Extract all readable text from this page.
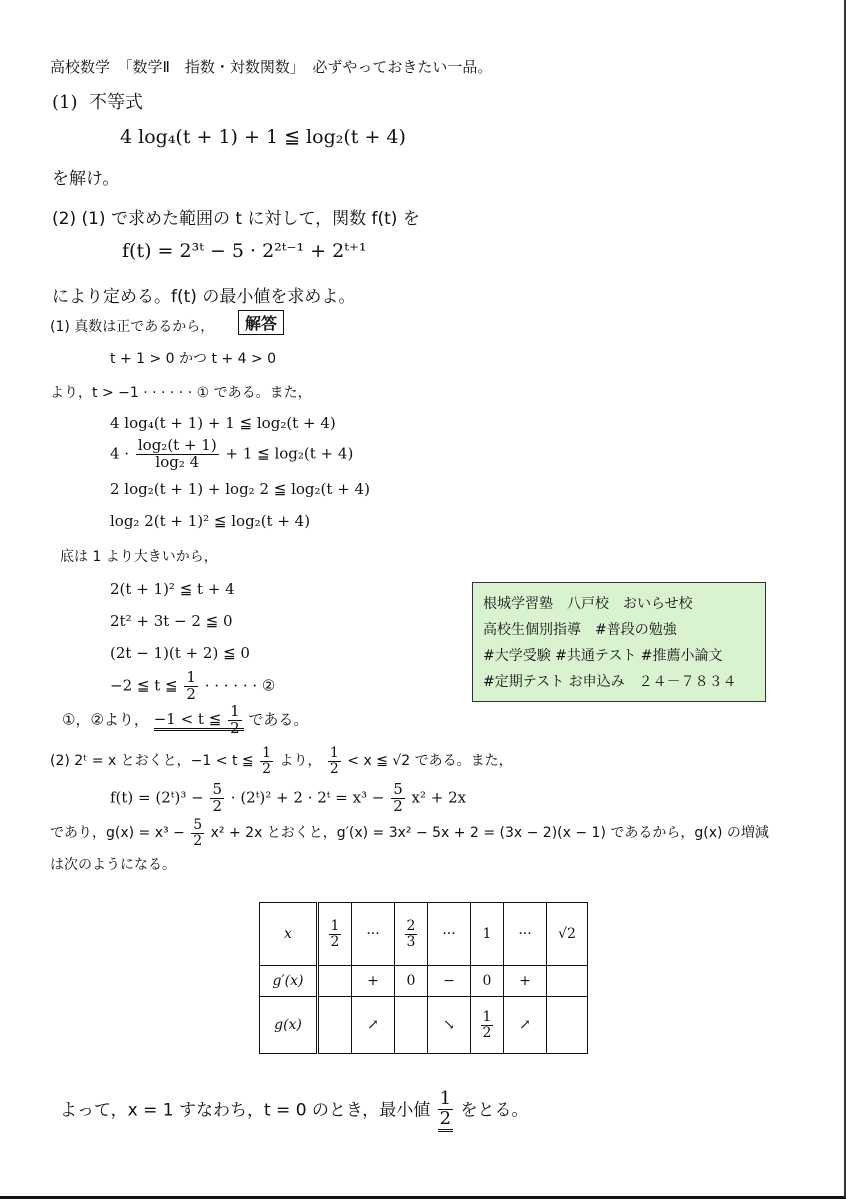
高校数学　「数学Ⅱ　指数・対数関数」　必ずやっておきたい一品。
(1) 不等式
4 log₄(t + 1) + 1 ≦ log₂(t + 4)
を解け。
(2) (1) で求めた範囲の t に対して，関数 f(t) を
f(t) = 2³ᵗ − 5 · 2²ᵗ⁻¹ + 2ᵗ⁺¹
により定める。f(t) の最小値を求めよ。
(1) 真数は正であるから，	解答
t + 1 > 0 かつ t + 4 > 0
より，t > −1 · · · · · · ① である。また，
4 log₄(t + 1) + 1 ≦ log₂(t + 4)
$4 \cdot \frac{\text{log₂(t + 1)}}{\text{log₂ 4}} + 1$ ≦ log₂(t + 4)
2 log₂(t + 1) + log₂ 2 ≦ log₂(t + 4)
log₂ 2(t + 1)² ≦ log₂(t + 4)
底は 1 より大きいから，
2(t + 1)² ≦ t + 4
2t² + 3t − 2 ≦ 0
(2t − 1)(t + 2) ≦ 0
−2 ≦ t ≦ $\frac{1}{2}$ · · · · · · ②
①，②より， −1 < t ≦ $\frac{1}{2}$ である。
根城学習塾　八戸校　おいらせ校
高校生個別指導　#普段の勉強
#大学受験 #共通テスト #推薦小論文
#定期テスト お申込み　２４－７８３４
(2) 2ᵗ = x とおくと，−1 < t ≦ $\frac{1}{2}$ より， $\frac{1}{2} < x$ ≦ √2 である。また，
f(t) = (2ᵗ)³ − $\frac{5}{2}$ · (2ᵗ)² + 2 · 2ᵗ = $x^3 - \frac{5}{2} x^2 + 2x$
であり，$g(x) = x^3 - \frac{5}{2} x^2 + 2x$ とおくと，g′(x) = 3x² − 5x + 2 = (3x − 2)(x − 1) であるから，g(x) の増減
は次のようになる。
x	$\frac{1}{2}$	···	$\frac{2}{3}$	···	1	···	√2
g′(x)		+	0	−	0	+	
g(x)		↗		↘	$\frac{1}{2}$	↗	
よって，x = 1 すなわち，t = 0 のとき，最小値 $\frac{1}{2}$ をとる。
